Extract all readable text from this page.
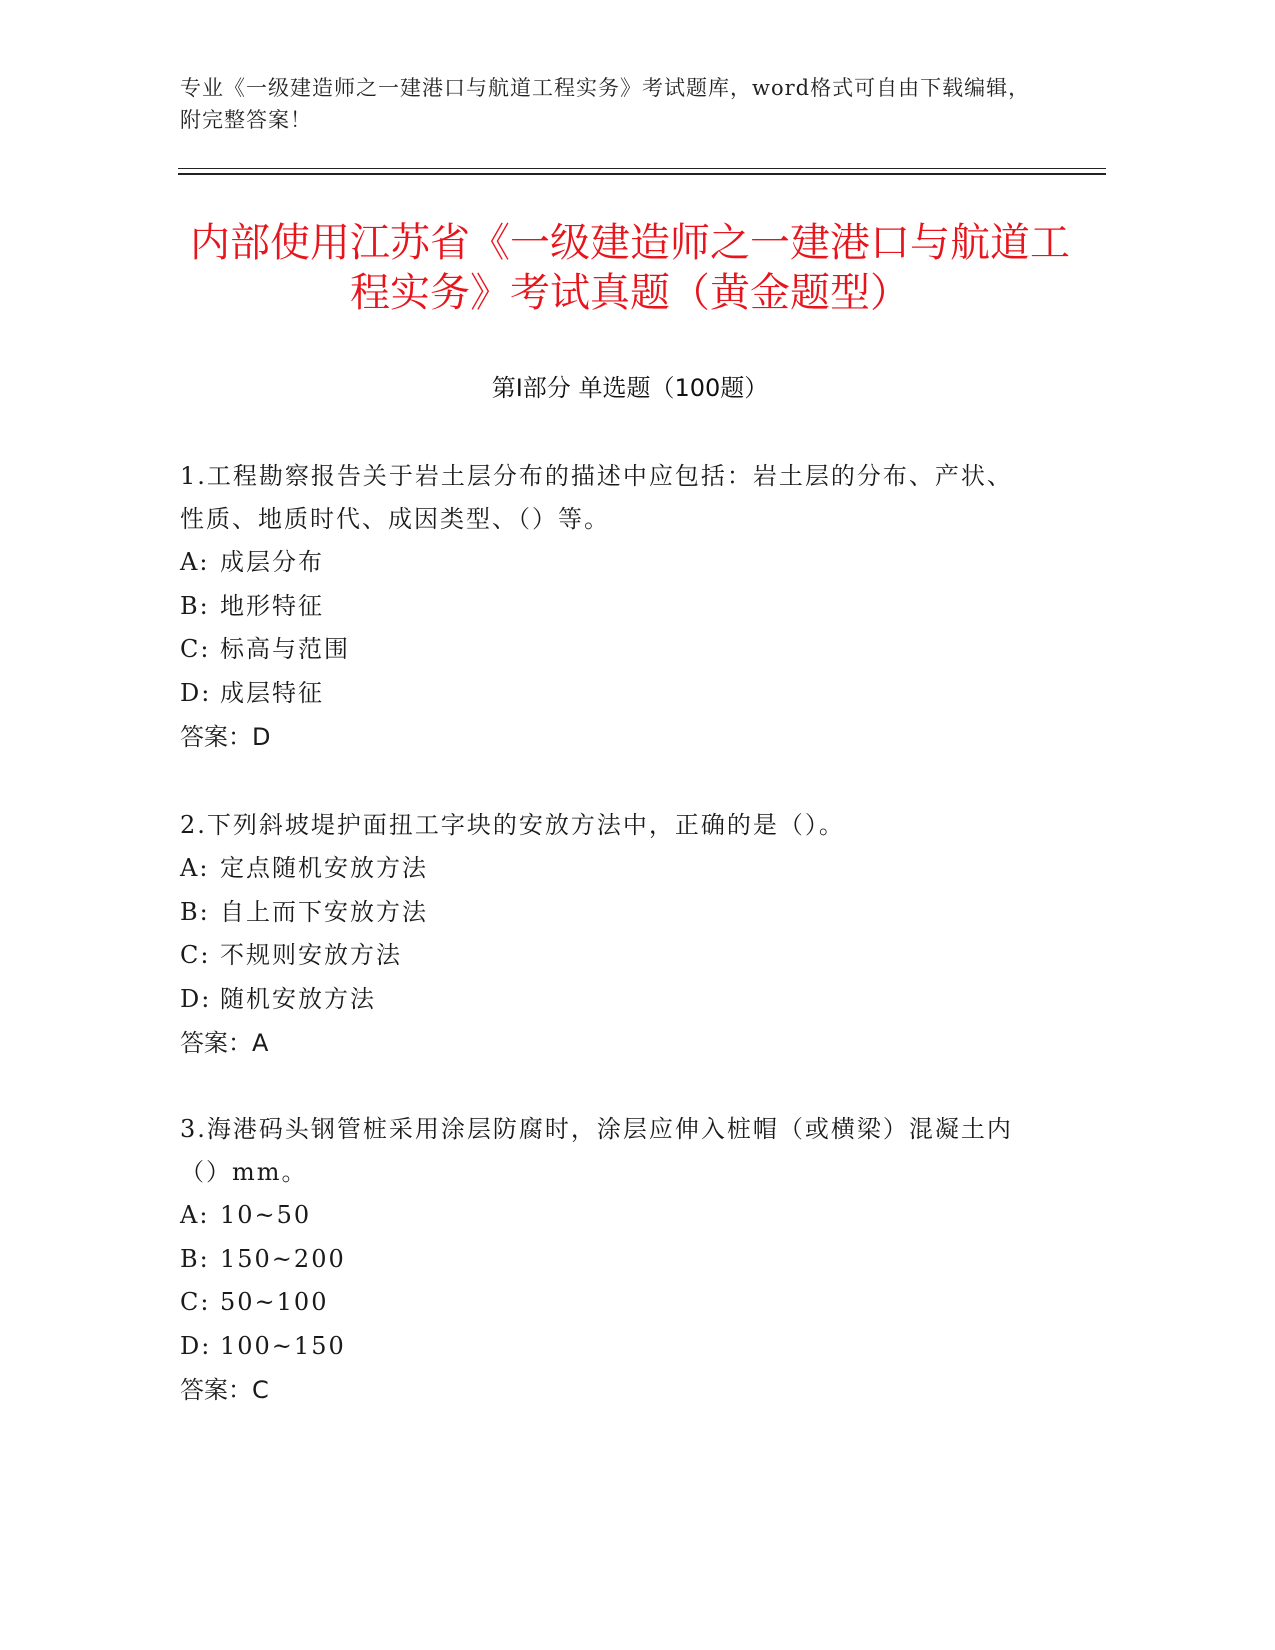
专业《一级建造师之一建港口与航道工程实务》考试题库，word格式可自由下载编辑，附完整答案！
内部使用江苏省《一级建造师之一建港口与航道工程实务》考试真题（黄金题型）
第Ⅰ部分 单选题（100题）

1.工程勘察报告关于岩土层分布的描述中应包括：岩土层的分布、产状、性质、地质时代、成因类型、（）等。

A: 成层分布

B: 地形特征

C: 标高与范围

D: 成层特征

答案：D

2.下列斜坡堤护面扭工字块的安放方法中，正确的是（）。

A: 定点随机安放方法

B: 自上而下安放方法

C: 不规则安放方法

D: 随机安放方法

答案：A

3.海港码头钢管桩采用涂层防腐时，涂层应伸入桩帽（或横梁）混凝土内（）mm。

A: 10~50

B: 150~200

C: 50~100

D: 100~150

答案：C
